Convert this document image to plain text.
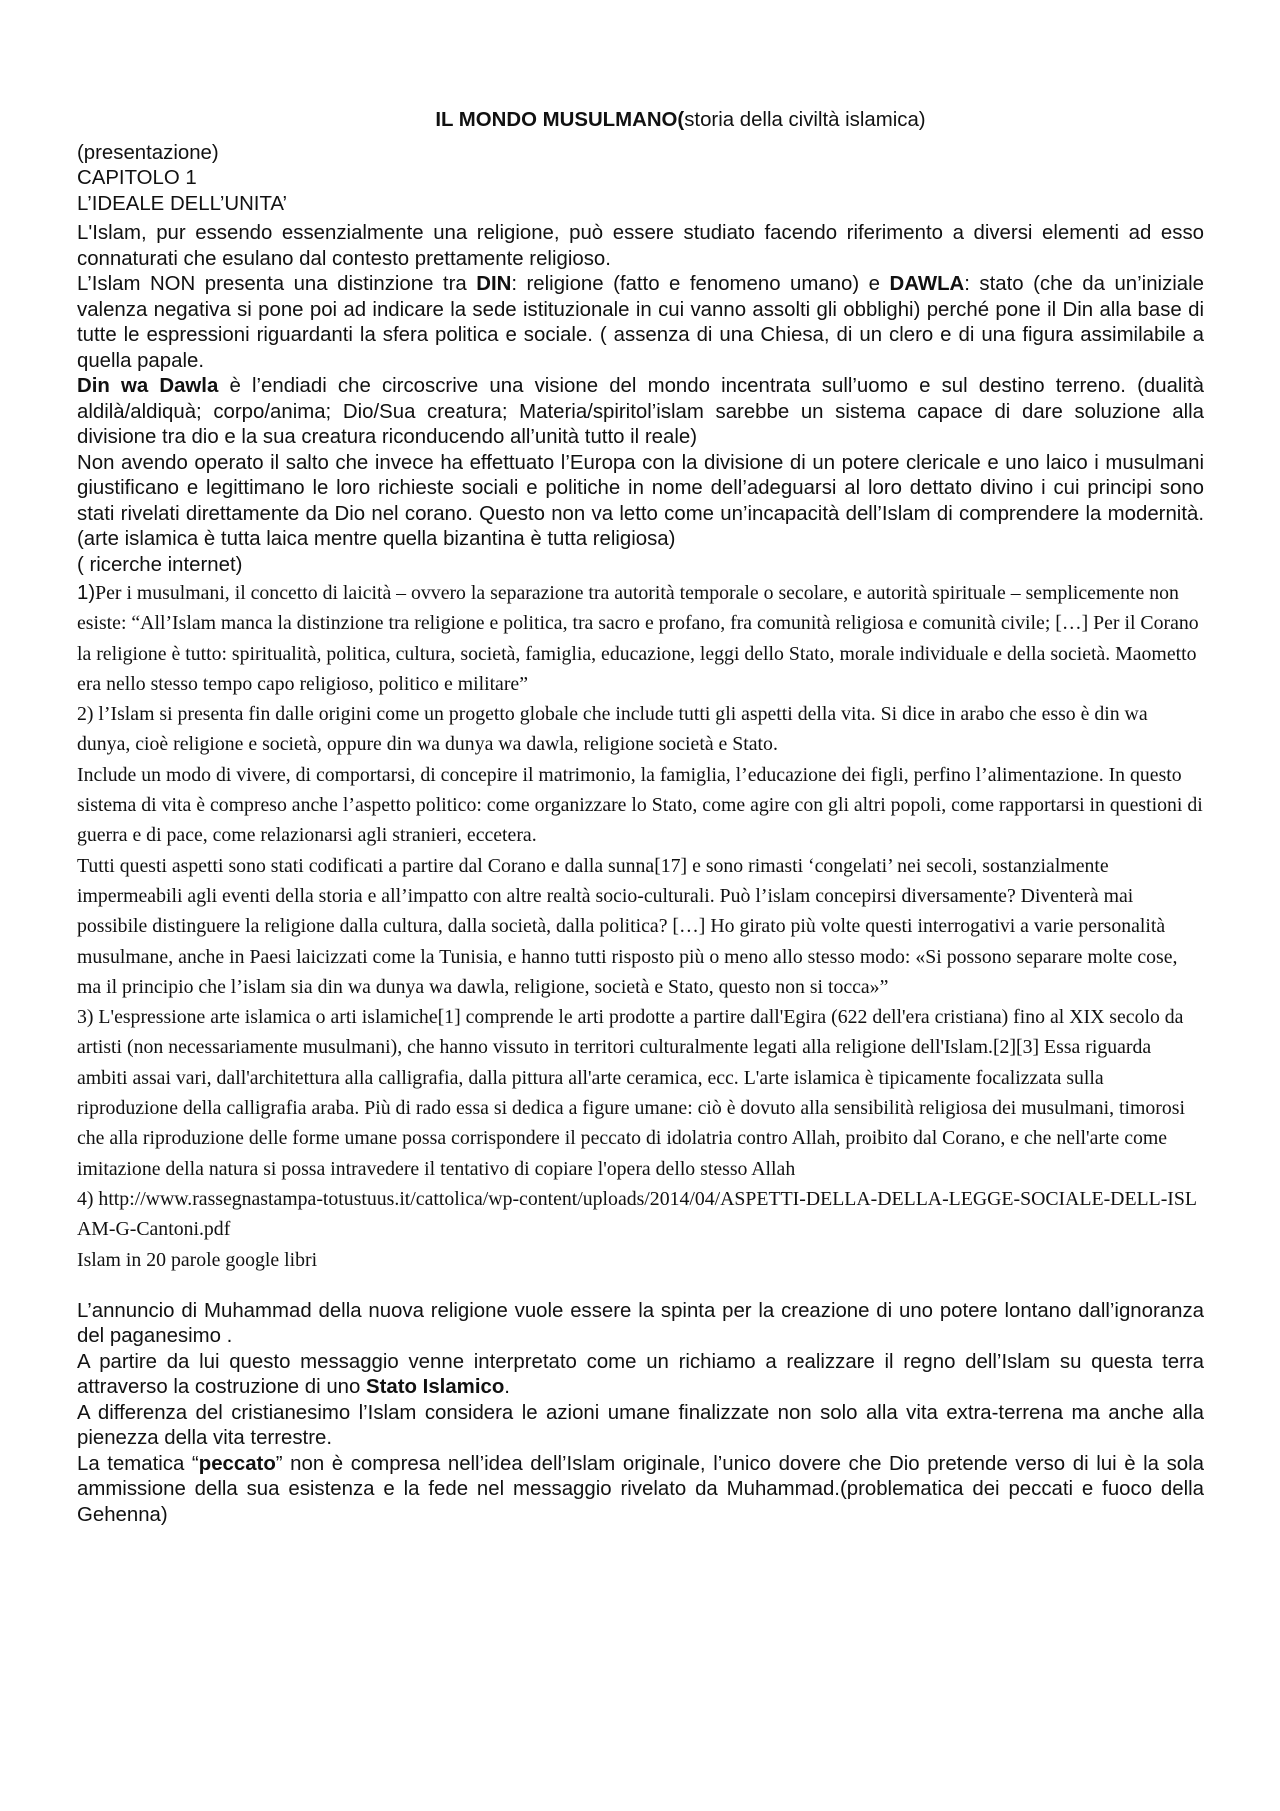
IL MONDO MUSULMANO(storia della civiltà islamica)

(presentazione)

CAPITOLO 1

L’IDEALE DELL’UNITA’

L'Islam, pur essendo essenzialmente una religione, può essere studiato facendo riferimento a diversi elementi ad esso connaturati che esulano dal contesto prettamente religioso.

L’Islam NON presenta una distinzione tra DIN: religione (fatto e fenomeno umano) e DAWLA: stato (che da un’iniziale valenza negativa si pone poi ad indicare la sede istituzionale in cui vanno assolti gli obblighi) perché pone il Din alla base di tutte le espressioni riguardanti la sfera politica e sociale. ( assenza di una Chiesa, di un clero e di una figura assimilabile a quella papale.

Din wa Dawla è l’endiadi che circoscrive una visione del mondo incentrata sull’uomo e sul destino terreno. (dualità aldilà/aldiquà; corpo/anima; Dio/Sua creatura; Materia/spiritol’islam sarebbe un sistema capace di dare soluzione alla divisione tra dio e la sua creatura riconducendo all’unità tutto il reale)

Non avendo operato il salto che invece ha effettuato l’Europa con la divisione di un potere clericale e uno laico i musulmani giustificano e legittimano le loro richieste sociali e politiche in nome dell’adeguarsi al loro dettato divino i cui principi sono stati rivelati direttamente da Dio nel corano. Questo non va letto come un’incapacità dell’Islam di comprendere la modernità.(arte islamica è tutta laica mentre quella bizantina è tutta religiosa)

( ricerche internet)

1)Per i musulmani, il concetto di laicità – ovvero la separazione tra autorità temporale o secolare, e autorità spirituale – semplicemente non esiste: “All’Islam manca la distinzione tra religione e politica, tra sacro e profano, fra comunità religiosa e comunità civile; […] Per il Corano la religione è tutto: spiritualità, politica, cultura, società, famiglia, educazione, leggi dello Stato, morale individuale e della società. Maometto era nello stesso tempo capo religioso, politico e militare”

2) l’Islam si presenta fin dalle origini come un progetto globale che include tutti gli aspetti della vita. Si dice in arabo che esso è din wa dunya, cioè religione e società, oppure din wa dunya wa dawla, religione società e Stato.

Include un modo di vivere, di comportarsi, di concepire il matrimonio, la famiglia, l’educazione dei figli, perfino l’alimentazione. In questo sistema di vita è compreso anche l’aspetto politico: come organizzare lo Stato, come agire con gli altri popoli, come rapportarsi in questioni di guerra e di pace, come relazionarsi agli stranieri, eccetera.

Tutti questi aspetti sono stati codificati a partire dal Corano e dalla sunna[17] e sono rimasti ‘congelati’ nei secoli, sostanzialmente impermeabili agli eventi della storia e all’impatto con altre realtà socio-culturali. Può l’islam concepirsi diversamente? Diventerà mai possibile distinguere la religione dalla cultura, dalla società, dalla politica? […] Ho girato più volte questi interrogativi a varie personalità musulmane, anche in Paesi laicizzati come la Tunisia, e hanno tutti risposto più o meno allo stesso modo: «Si possono separare molte cose, ma il principio che l’islam sia din wa dunya wa dawla, religione, società e Stato, questo non si tocca»”

3) L'espressione arte islamica o arti islamiche[1] comprende le arti prodotte a partire dall'Egira (622 dell'era cristiana) fino al XIX secolo da artisti (non necessariamente musulmani), che hanno vissuto in territori culturalmente legati alla religione dell'Islam.[2][3] Essa riguarda ambiti assai vari, dall'architettura alla calligrafia, dalla pittura all'arte ceramica, ecc. L'arte islamica è tipicamente focalizzata sulla riproduzione della calligrafia araba. Più di rado essa si dedica a figure umane: ciò è dovuto alla sensibilità religiosa dei musulmani, timorosi che alla riproduzione delle forme umane possa corrispondere il peccato di idolatria contro Allah, proibito dal Corano, e che nell'arte come imitazione della natura si possa intravedere il tentativo di copiare l'opera dello stesso Allah

4) http://www.rassegnastampa-totustuus.it/cattolica/wp-content/uploads/2014/04/ASPETTI-DELLA-DELLA-LEGGE-SOCIALE-DELL-ISLAM-G-Cantoni.pdf

Islam in 20 parole google libri

L’annuncio di Muhammad della nuova religione vuole essere la spinta per la creazione di uno potere lontano dall’ignoranza del paganesimo .

A partire da lui questo messaggio venne interpretato come un richiamo a realizzare il regno dell’Islam su questa terra attraverso la costruzione di uno Stato Islamico.

A differenza del cristianesimo l’Islam considera le azioni umane finalizzate non solo alla vita extra-terrena ma anche alla pienezza della vita terrestre.

La tematica “peccato” non è compresa nell’idea dell’Islam originale, l’unico dovere che Dio pretende verso di lui è la sola ammissione della sua esistenza e la fede nel messaggio rivelato da Muhammad.(problematica dei peccati e fuoco della Gehenna)
